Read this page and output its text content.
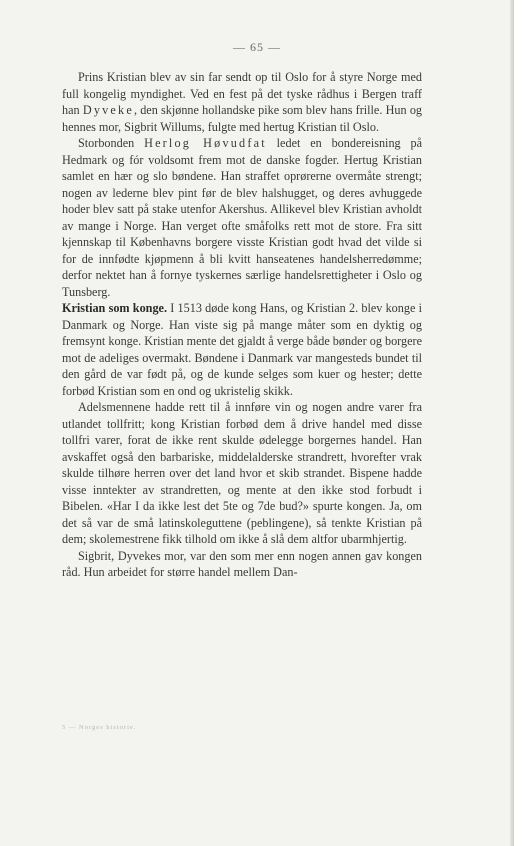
— 65 —

Prins Kristian blev av sin far sendt op til Oslo for å styre Norge med full kongelig myndighet. Ved en fest på det tyske rådhus i Bergen traff han Dyveke, den skjønne hollandske pike som blev hans frille. Hun og hennes mor, Sigbrit Willums, fulgte med hertug Kristian til Oslo.

Storbonden Herlog Høvudfat ledet en bondereisning på Hedmark og fór voldsomt frem mot de danske fogder. Hertug Kristian samlet en hær og slo bøndene. Han straffet oprørerne overmåte strengt; nogen av lederne blev pint før de blev halshugget, og deres avhuggede hoder blev satt på stake utenfor Akershus. Allikevel blev Kristian avholdt av mange i Norge. Han verget ofte småfolks rett mot de store. Fra sitt kjennskap til Københavns borgere visste Kristian godt hvad det vilde si for de innfødte kjøpmenn å bli kvitt hanseatenes handelsherredømme; derfor nektet han å fornye tyskernes særlige handelsrettigheter i Oslo og Tunsberg.

Kristian som konge. I 1513 døde kong Hans, og Kristian 2. blev konge i Danmark og Norge. Han viste sig på mange måter som en dyktig og fremsynt konge. Kristian mente det gjaldt å verge både bønder og borgere mot de adeliges overmakt. Bøndene i Danmark var mangesteds bundet til den gård de var født på, og de kunde selges som kuer og hester; dette forbød Kristian som en ond og ukristelig skikk.

Adelsmennene hadde rett til å innføre vin og nogen andre varer fra utlandet tollfritt; kong Kristian forbød dem å drive handel med disse tollfri varer, forat de ikke rent skulde ødelegge borgernes handel. Han avskaffet også den barbariske, middelalderske strandrett, hvorefter vrak skulde tilhøre herren over det land hvor et skib strandet. Bispene hadde visse inntekter av strandretten, og mente at den ikke stod forbudt i Bibelen. «Har I da ikke lest det 5te og 7de bud?» spurte kongen. Ja, om det så var de små latinskoleguttene (peblingene), så tenkte Kristian på dem; skolemestrene fikk tilhold om ikke å slå dem altfor ubarmhjertig.

Sigbrit, Dyvekes mor, var den som mer enn nogen annen gav kongen råd. Hun arbeidet for større handel mellem Dan-

5 — Norges historie.
